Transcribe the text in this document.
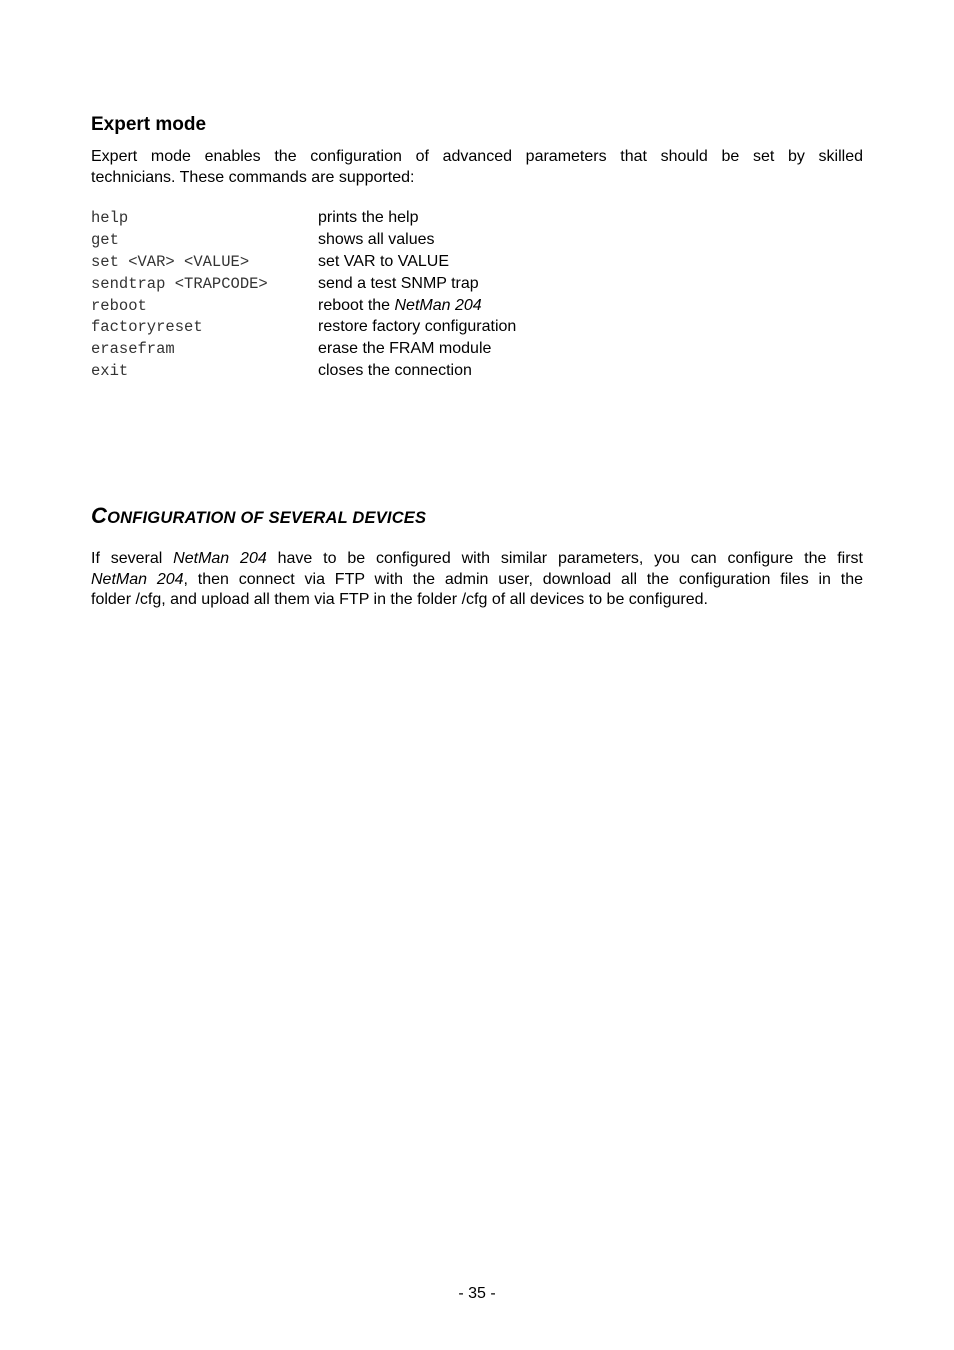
Expert mode

Expert mode enables the configuration of advanced parameters that should be set by skilled
technicians. These commands are supported:

help	prints the help
get	shows all values
set <VAR> <VALUE>	set VAR to VALUE
sendtrap <TRAPCODE>	send a test SNMP trap
reboot	reboot the NetMan 204
factoryreset	restore factory configuration
erasefram	erase the FRAM module
exit	closes the connection
CONFIGURATION OF SEVERAL DEVICES

If several NetMan 204 have to be configured with similar parameters, you can configure the first
NetMan 204, then connect via FTP with the admin user, download all the configuration files in the
folder /cfg, and upload all them via FTP in the folder /cfg of all devices to be configured.

- 35 -
